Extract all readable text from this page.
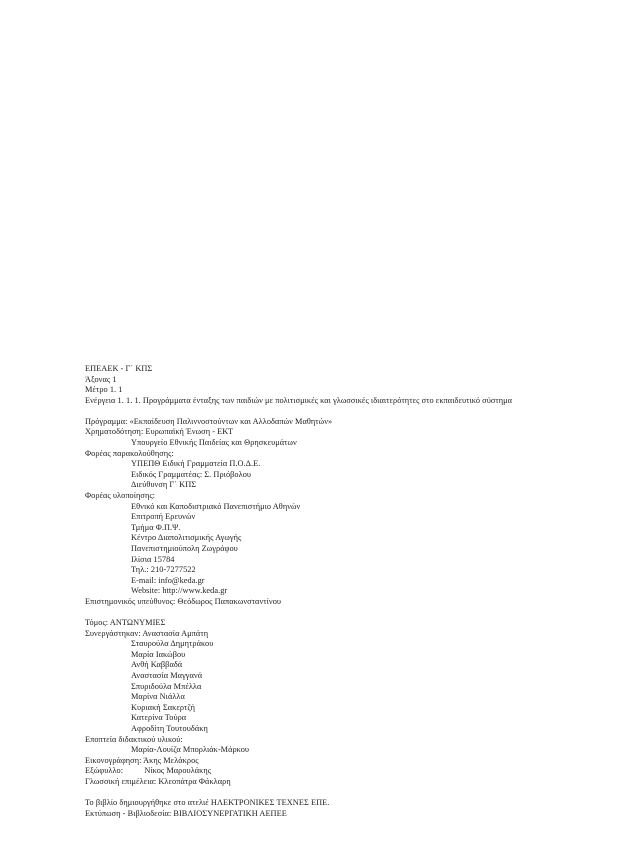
ΕΠΕΑΕΚ - Γ΄ ΚΠΣ
Άξονας 1
Μέτρο 1. 1
Ενέργεια 1. 1. 1. Προγράμματα ένταξης των παιδιών με πολιτισμικές και γλωσσικές ιδιαιτερότητες στο εκπαιδευτικό σύστημα
Πρόγραμμα: «Εκπαίδευση Παλιννοστούντων και Αλλοδαπών Μαθητών»
Χρηματοδότηση: Ευρωπαϊκή Ένωση - ΕΚΤ
Υπουργείο Εθνικής Παιδείας και Θρησκευμάτων
Φορέας παρακολούθησης:
ΥΠΕΠΘ Ειδική Γραμματεία Π.Ο.Δ.Ε.
Ειδικός Γραμματέας: Σ. Πριόβολου
Διεύθυνση Γ΄ ΚΠΣ
Φορέας υλοποίησης:
Εθνικό και Καποδιστριακό Πανεπιστήμιο Αθηνών
Επιτροπή Ερευνών
Τμήμα Φ.Π.Ψ.
Κέντρο Διαπολιτισμικής Αγωγής
Πανεπιστημιούπολη Ζωγράφου
Ιλίσια 15784
Τηλ.: 210-7277522
E-mail: info@keda.gr
Website: http://www.keda.gr
Επιστημονικός υπεύθυνος: Θεόδωρος Παπακωνσταντίνου
Τόμος: ΑΝΤΩΝΥΜΙΕΣ
Συνεργάστηκαν: Αναστασία Αμπάτη
Σταυρούλα Δημητράκου
Μαρία Ιακώβου
Ανθή Καββαδά
Αναστασία Μαγγανά
Σπυριδούλα Μπέλλα
Μαρίνα Νιάλλα
Κυριακή Σακερτζή
Κατερίνα Τούρα
Αφροδίτη Τουτουδάκη
Εποπτεία διδακτικού υλικού:
Μαρία-Λουίζα Μπορλιάκ-Μάρκου
Εικονογράφηση: Άκης Μελάκρος
Εξώφυλλο:          Νίκος Μαρουλάκης
Γλωσσική επιμέλεια: Κλεοπάτρα Φάκλαρη
Το βιβλίο δημιουργήθηκε στο ατελιέ ΗΛΕΚΤΡΟΝΙΚΕΣ ΤΕΧΝΕΣ ΕΠΕ.
Εκτύπωση - Βιβλιοδεσία: ΒΙΒΛΙΟΣΥΝΕΡΓΑΤΙΚΗ ΑΕΠΕΕ
